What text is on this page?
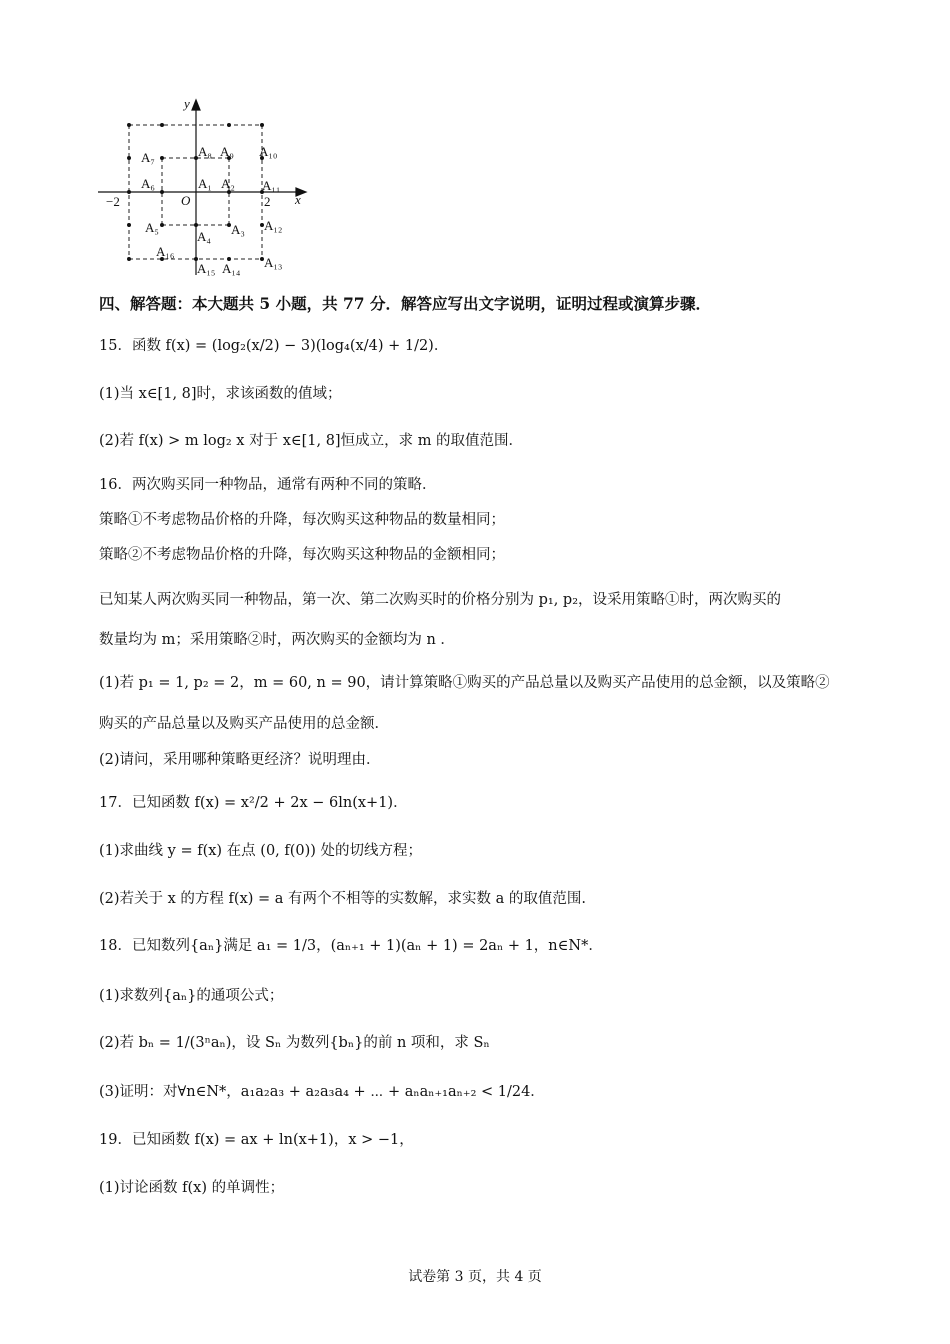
y
x
O
−2	2
A₁ A₂
A₃
A₄
A₅
A₆
A₇	A₈ A₉ A₁₀
A₁₁
A₁₂
A₁₃
A₁₄
A₁₅
A₁₆
四、解答题：本大题共 5 小题，共 77 分．解答应写出文字说明，证明过程或演算步骤．
15．函数 f(x) = (log₂(x/2) − 3)(log₄(x/4) + 1/2)．
(1)当 x∈[1, 8]时，求该函数的值域；
(2)若 f(x) > m log₂ x 对于 x∈[1, 8]恒成立，求 m 的取值范围．
16．两次购买同一种物品，通常有两种不同的策略．
策略①不考虑物品价格的升降，每次购买这种物品的数量相同；
策略②不考虑物品价格的升降，每次购买这种物品的金额相同；
已知某人两次购买同一种物品，第一次、第二次购买时的价格分别为 p₁, p₂，设采用策略①时，两次购买的
数量均为 m；采用策略②时，两次购买的金额均为 n ．
(1)若 p₁ = 1, p₂ = 2，m = 60, n = 90，请计算策略①购买的产品总量以及购买产品使用的总金额，以及策略②
购买的产品总量以及购买产品使用的总金额．
(2)请问，采用哪种策略更经济？说明理由．
17．已知函数 f(x) = x²/2 + 2x − 6ln(x+1)．
(1)求曲线 y = f(x) 在点 (0, f(0)) 处的切线方程；
(2)若关于 x 的方程 f(x) = a 有两个不相等的实数解，求实数 a 的取值范围.
18．已知数列{aₙ}满足 a₁ = 1/3，(aₙ₊₁ + 1)(aₙ + 1) = 2aₙ + 1，n∈N*．
(1)求数列{aₙ}的通项公式；
(2)若 bₙ = 1/(3ⁿaₙ)，设 Sₙ 为数列{bₙ}的前 n 项和，求 Sₙ
(3)证明：对∀n∈N*，a₁a₂a₃ + a₂a₃a₄ + ⋯ + aₙaₙ₊₁aₙ₊₂ < 1/24．
19．已知函数 f(x) = ax + ln(x+1)，x > −1，
(1)讨论函数 f(x) 的单调性；
试卷第 3 页，共 4 页
